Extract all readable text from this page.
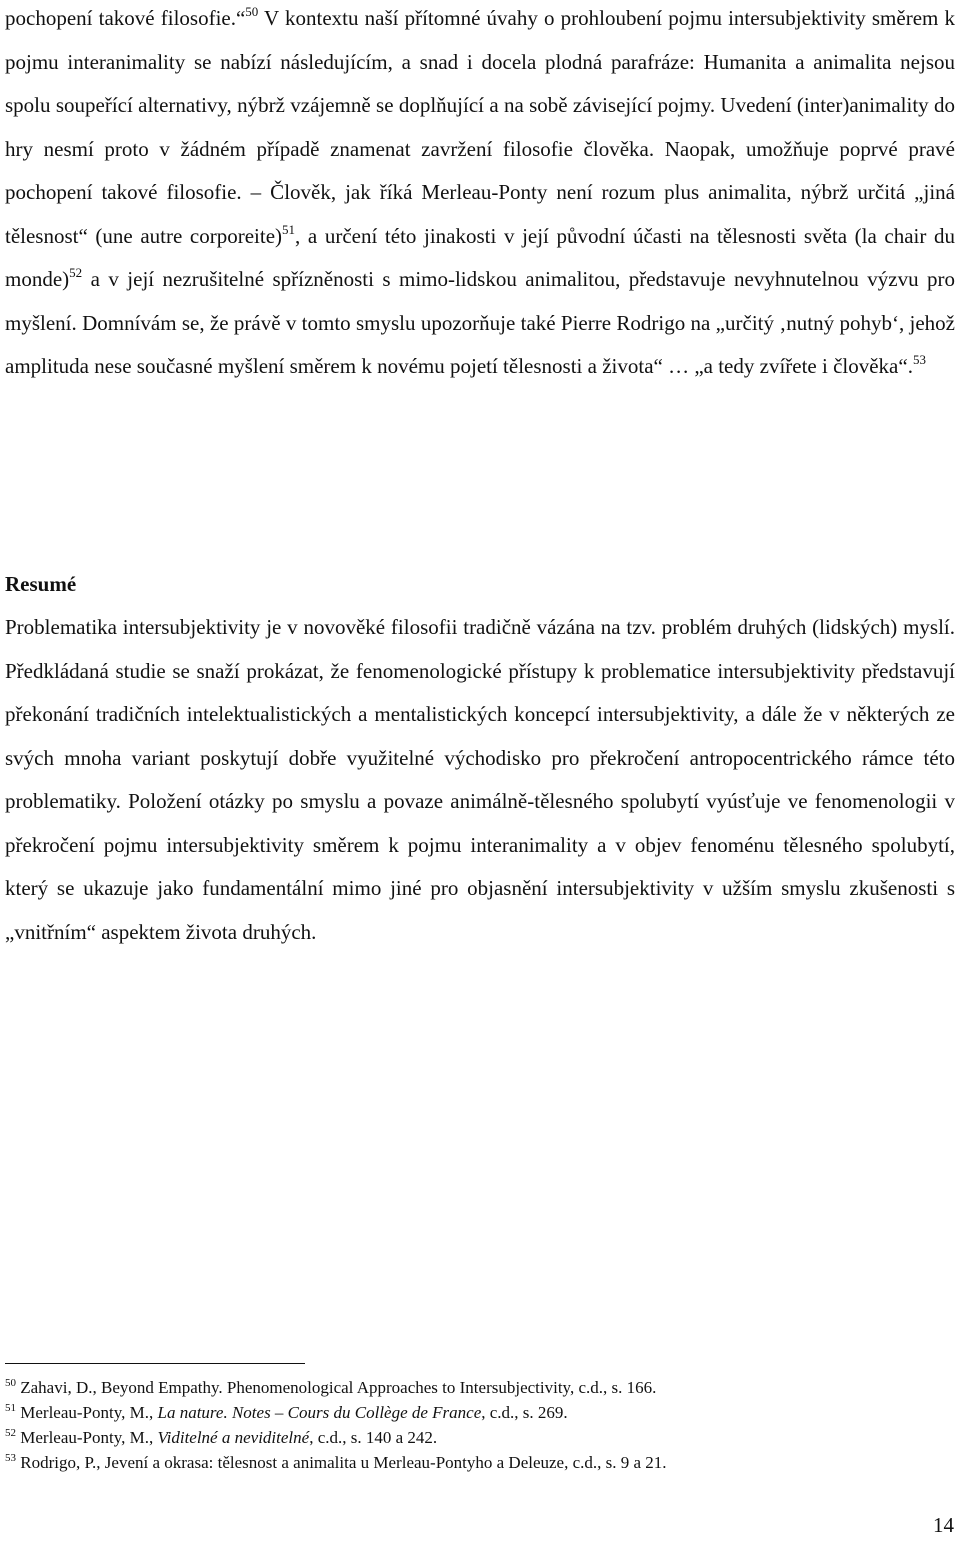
pochopení takové filosofie.“$^{50}$ V kontextu naší přítomné úvahy o prohloubení pojmu intersubjektivity směrem k pojmu interanimality se nabízí následujícím, a snad i docela plodná parafráze: Humanita a animalita nejsou spolu soupeřící alternativy, nýbrž vzájemně se doplňující a na sobě závisející pojmy. Uvedení (inter)animality do hry nesmí proto v žádném případě znamenat zavržení filosofie člověka. Naopak, umožňuje poprvé pravé pochopení takové filosofie. – Člověk, jak říká Merleau-Ponty není rozum plus animalita, nýbrž určitá „jiná tělesnost“ (une autre corporeite)$^{51}$, a určení této jinakosti v její původní účasti na tělesnosti světa (la chair du monde)$^{52}$ a v její nezrušitelné spřízněnosti s mimo-lidskou animalitou, představuje nevyhnutelnou výzvu pro myšlení. Domnívám se, že právě v tomto smyslu upozorňuje také Pierre Rodrigo na „určitý ‚nutný pohyb‘, jehož amplituda nese současné myšlení směrem k novému pojetí tělesnosti a života“ … „a tedy zvířete i člověka“.$^{53}$

Resumé

Problematika intersubjektivity je v novověké filosofii tradičně vázána na tzv. problém druhých (lidských) myslí. Předkládaná studie se snaží prokázat, že fenomenologické přístupy k problematice intersubjektivity představují překonání tradičních intelektualistických a mentalistických koncepcí intersubjektivity, a dále že v některých ze svých mnoha variant poskytují dobře využitelné východisko pro překročení antropocentrického rámce této problematiky. Položení otázky po smyslu a povaze animálně-tělesného spolubytí vyúsťuje ve fenomenologii v překročení pojmu intersubjektivity směrem k pojmu interanimality a v objev fenoménu tělesného spolubytí, který se ukazuje jako fundamentální mimo jiné pro objasnění intersubjektivity v užším smyslu zkušenosti s „vnitřním“ aspektem života druhých.

$^{50}$ Zahavi, D., Beyond Empathy. Phenomenological Approaches to Intersubjectivity, c.d., s. 166.

$^{51}$ Merleau-Ponty, M., La nature. Notes – Cours du Collège de France, c.d., s. 269.

$^{52}$ Merleau-Ponty, M., Viditelné a neviditelné, c.d., s. 140 a 242.

$^{53}$ Rodrigo, P., Jevení a okrasa: tělesnost a animalita u Merleau-Pontyho a Deleuze, c.d., s. 9 a 21.

14
